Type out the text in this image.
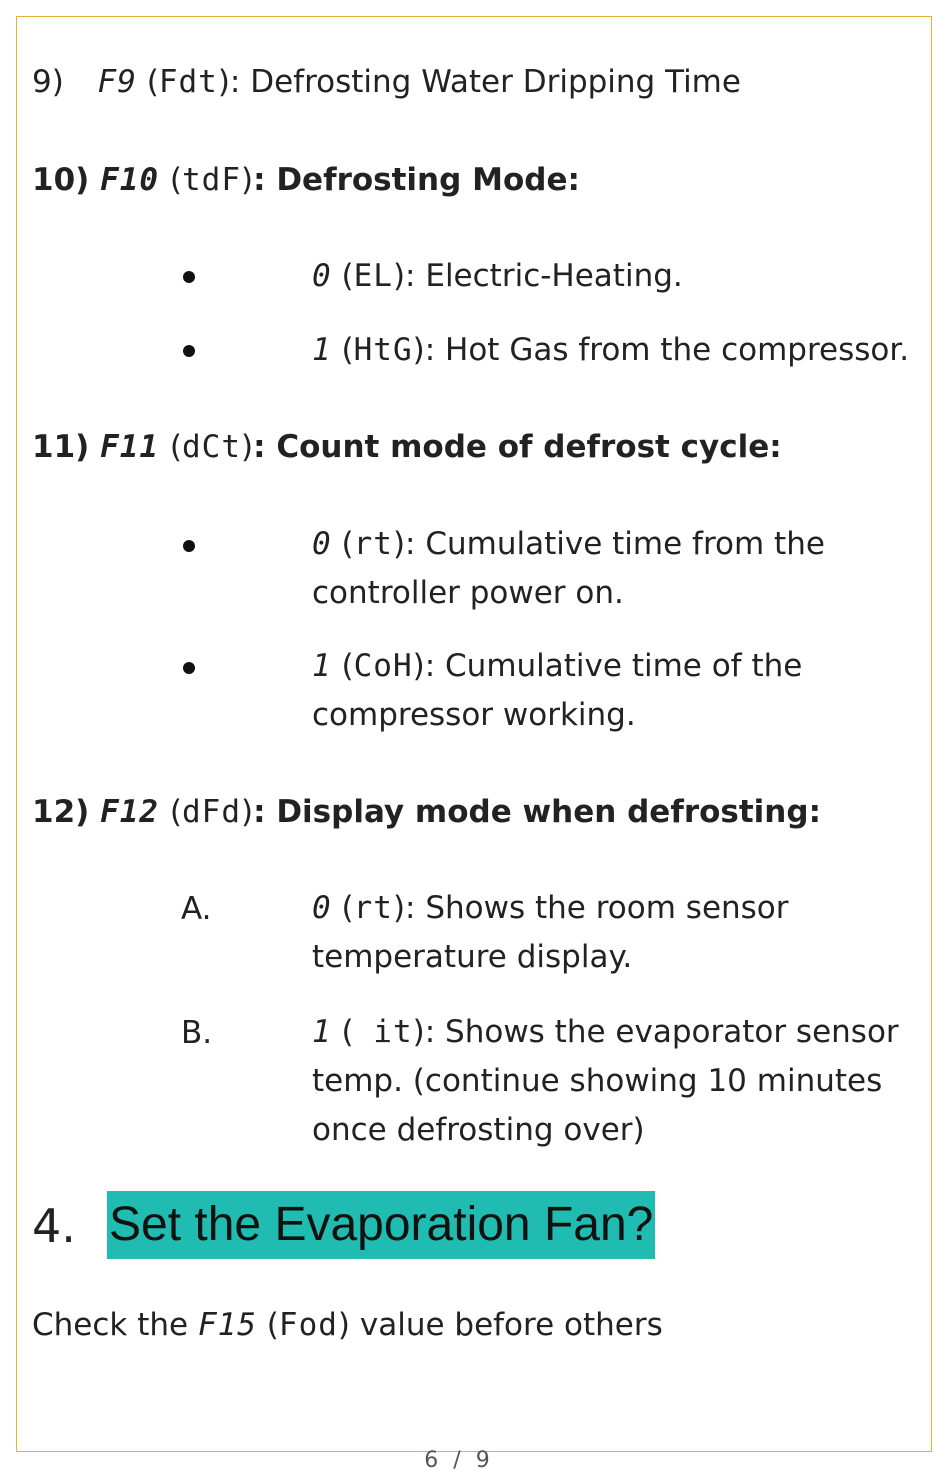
9) F9 (Fdt): Defrosting Water Dripping Time
10) F10 (tdF): Defrosting Mode:
0 (EL): Electric-Heating.
1 (HtG): Hot Gas from the compressor.
11) F11 (dCt): Count mode of defrost cycle:
0 (rt): Cumulative time from the controller power on.
1 (CoH): Cumulative time of the compressor working.
12) F12 (dFd): Display mode when defrosting:
A.	0 (rt): Shows the room sensor temperature display.
B.	1 ( it): Shows the evaporator sensor temp. (continue showing 10 minutes once defrosting over)
4. Set the Evaporation Fan?
Check the F15 (Fod) value before others
6 / 9
